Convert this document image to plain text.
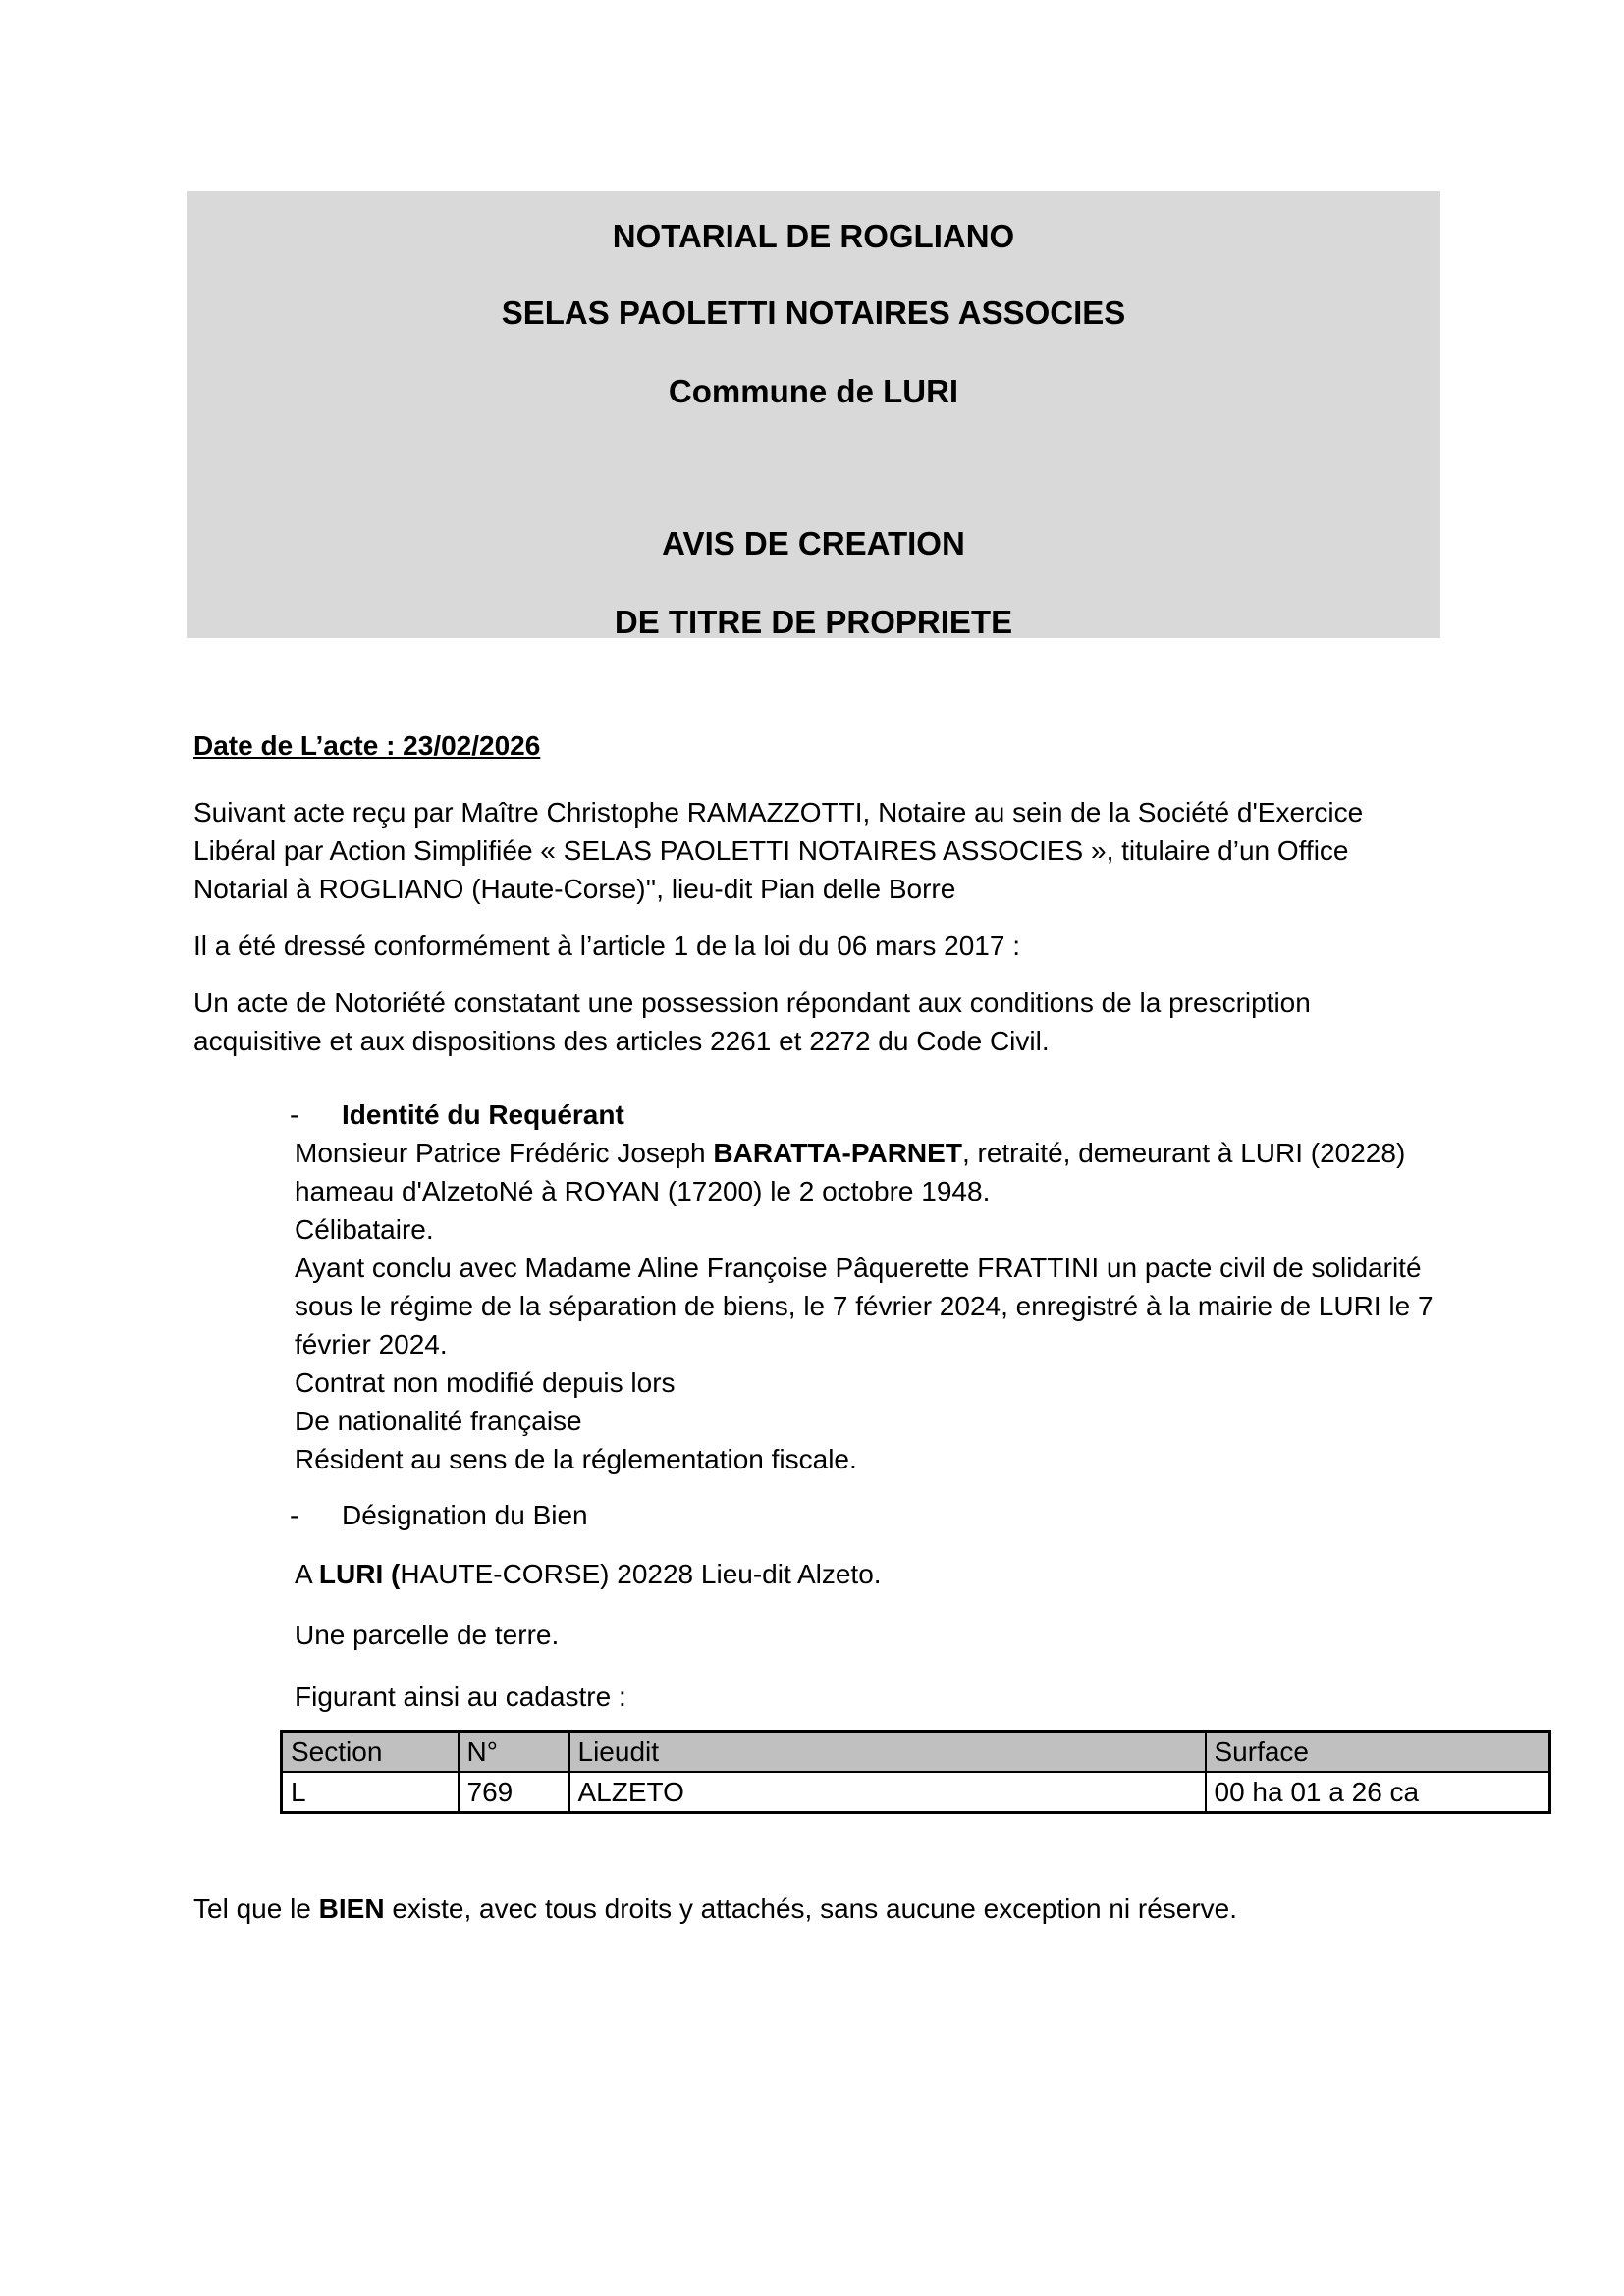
NOTARIAL DE ROGLIANO
SELAS PAOLETTI NOTAIRES ASSOCIES
Commune de LURI
AVIS DE CREATION
DE TITRE DE PROPRIETE

Date de L’acte : 23/02/2026

Suivant acte reçu par Maître Christophe RAMAZZOTTI, Notaire au sein de la Société d'Exercice
Libéral par Action Simplifiée « SELAS PAOLETTI NOTAIRES ASSOCIES », titulaire d’un Office
Notarial à ROGLIANO (Haute-Corse)'', lieu-dit Pian delle Borre

Il a été dressé conformément à l’article 1 de la loi du 06 mars 2017 :

Un acte de Notoriété constatant une possession répondant aux conditions de la prescription
acquisitive et aux dispositions des articles 2261 et 2272 du Code Civil.

-	Identité du Requérant
Monsieur Patrice Frédéric Joseph BARATTA-PARNET, retraité, demeurant à LURI (20228)
hameau d'AlzetoNé à ROYAN (17200) le 2 octobre 1948.
Célibataire.
Ayant conclu avec Madame Aline Françoise Pâquerette FRATTINI un pacte civil de solidarité
sous le régime de la séparation de biens, le 7 février 2024, enregistré à la mairie de LURI le 7
février 2024.
Contrat non modifié depuis lors
De nationalité française
Résident au sens de la réglementation fiscale.
-	Désignation du Bien

A LURI (HAUTE-CORSE) 20228 Lieu-dit Alzeto.

Une parcelle de terre.

Figurant ainsi au cadastre :

Section	N°	Lieudit	Surface
L	769	ALZETO	00 ha 01 a 26 ca

Tel que le BIEN existe, avec tous droits y attachés, sans aucune exception ni réserve.
